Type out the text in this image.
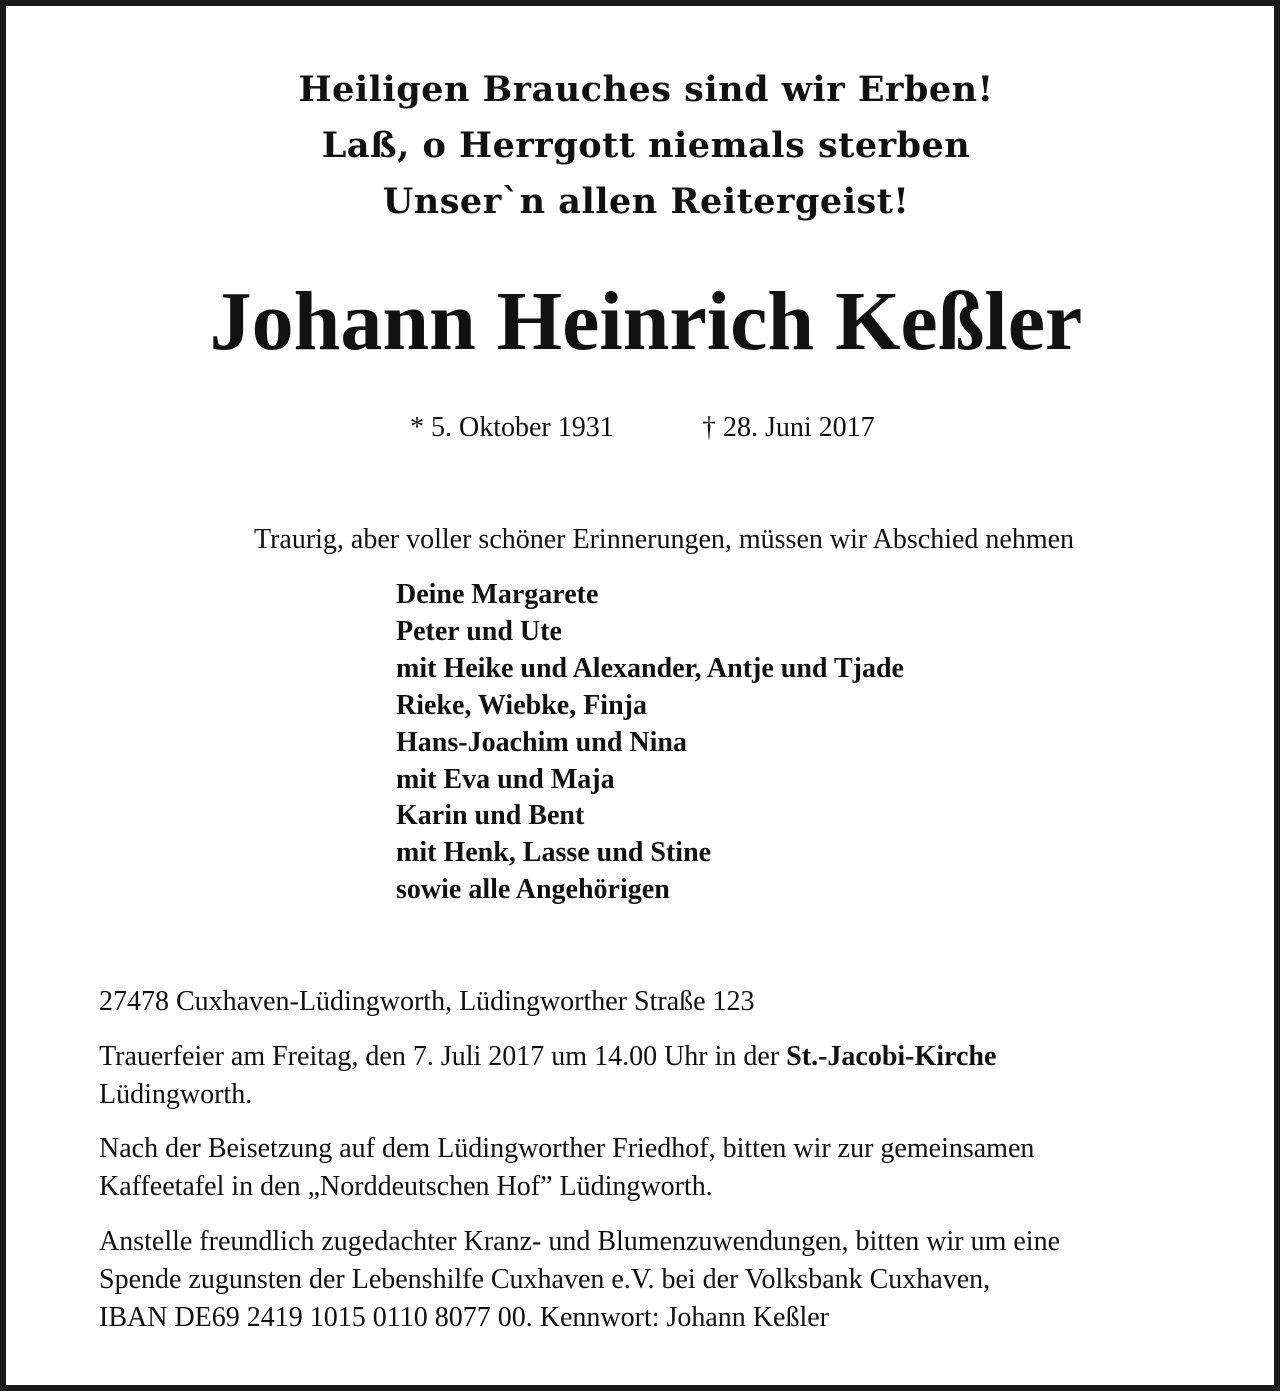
Heiligen Brauches sind wir Erben!
Laß, o Herrgott niemals sterben
Unser`n allen Reitergeist!
Johann Heinrich Keßler
* 5. Oktober 1931	† 28. Juni 2017
Traurig, aber voller schöner Erinnerungen, müssen wir Abschied nehmen
Deine Margarete
Peter und Ute
mit Heike und Alexander, Antje und Tjade
Rieke, Wiebke, Finja
Hans-Joachim und Nina
mit Eva und Maja
Karin und Bent
mit Henk, Lasse und Stine
sowie alle Angehörigen
27478 Cuxhaven-Lüdingworth, Lüdingworther Straße 123
Trauerfeier am Freitag, den 7. Juli 2017 um 14.00 Uhr in der St.-Jacobi-Kirche
Lüdingworth.
Nach der Beisetzung auf dem Lüdingworther Friedhof, bitten wir zur gemeinsamen
Kaffeetafel in den „Norddeutschen Hof” Lüdingworth.
Anstelle freundlich zugedachter Kranz- und Blumenzuwendungen, bitten wir um eine
Spende zugunsten der Lebenshilfe Cuxhaven e.V. bei der Volksbank Cuxhaven,
IBAN DE69 2419 1015 0110 8077 00. Kennwort: Johann Keßler
